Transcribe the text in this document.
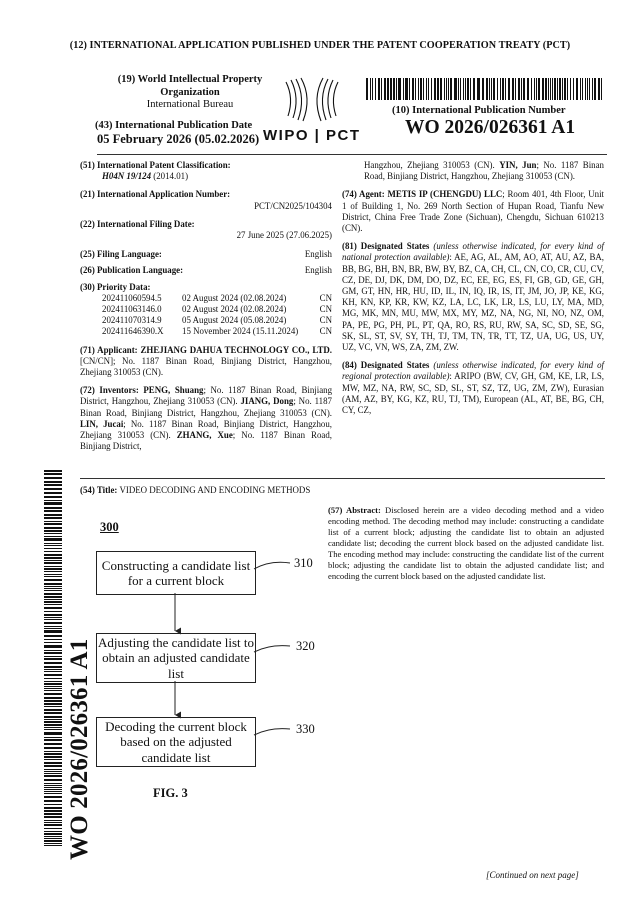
(12) INTERNATIONAL APPLICATION PUBLISHED UNDER THE PATENT COOPERATION TREATY (PCT)
(19) World Intellectual Property
Organization
International Bureau
(43) International Publication Date
05 February 2026 (05.02.2026) WIPO | PCT
(10) International Publication Number
WO 2026/026361 A1
(51) International Patent Classification:
H04N 19/124 (2014.01)
(21) International Application Number:
PCT/CN2025/104304
(22) International Filing Date:
27 June 2025 (27.06.2025)
(25) Filing Language:	English
(26) Publication Language:	English
(30) Priority Data:
202411060594.5	02 August 2024 (02.08.2024)	CN
202411063146.0	02 August 2024 (02.08.2024)	CN
202411070314.9	05 August 2024 (05.08.2024)	CN
202411646390.X	15 November 2024 (15.11.2024)	CN
(71) Applicant: ZHEJIANG DAHUA TECHNOLOGY CO., LTD. [CN/CN]; No. 1187 Binan Road, Binjiang District, Hangzhou, Zhejiang 310053 (CN).
(72) Inventors: PENG, Shuang; No. 1187 Binan Road, Binjiang District, Hangzhou, Zhejiang 310053 (CN). JIANG, Dong; No. 1187 Binan Road, Binjiang District, Hangzhou, Zhejiang 310053 (CN). LIN, Jucai; No. 1187 Binan Road, Binjiang District, Hangzhou, Zhejiang 310053 (CN). ZHANG, Xue; No. 1187 Binan Road, Binjiang District,
Hangzhou, Zhejiang 310053 (CN). YIN, Jun; No. 1187 Binan Road, Binjiang District, Hangzhou, Zhejiang 310053 (CN).
(74) Agent: METIS IP (CHENGDU) LLC; Room 401, 4th Floor, Unit 1 of Building 1, No. 269 North Section of Hupan Road, Tianfu New District, China Free Trade Zone (Sichuan), Chengdu, Sichuan 610213 (CN).
(81) Designated States (unless otherwise indicated, for every kind of national protection available): AE, AG, AL, AM, AO, AT, AU, AZ, BA, BB, BG, BH, BN, BR, BW, BY, BZ, CA, CH, CL, CN, CO, CR, CU, CV, CZ, DE, DJ, DK, DM, DO, DZ, EC, EE, EG, ES, FI, GB, GD, GE, GH, GM, GT, HN, HR, HU, ID, IL, IN, IQ, IR, IS, IT, JM, JO, JP, KE, KG, KH, KN, KP, KR, KW, KZ, LA, LC, LK, LR, LS, LU, LY, MA, MD, MG, MK, MN, MU, MW, MX, MY, MZ, NA, NG, NI, NO, NZ, OM, PA, PE, PG, PH, PL, PT, QA, RO, RS, RU, RW, SA, SC, SD, SE, SG, SK, SL, ST, SV, SY, TH, TJ, TM, TN, TR, TT, TZ, UA, UG, US, UY, UZ, VC, VN, WS, ZA, ZM, ZW.
(84) Designated States (unless otherwise indicated, for every kind of regional protection available): ARIPO (BW, CV, GH, GM, KE, LR, LS, MW, MZ, NA, RW, SC, SD, SL, ST, SZ, TZ, UG, ZM, ZW), Eurasian (AM, AZ, BY, KG, KZ, RU, TJ, TM), European (AL, AT, BE, BG, CH, CY, CZ,
(54) Title: VIDEO DECODING AND ENCODING METHODS
(57) Abstract: Disclosed herein are a video decoding method and a video encoding method. The decoding method may include: constructing a candidate list of a current block; adjusting the candidate list to obtain an adjusted candidate list; decoding the current block based on the adjusted candidate list. The encoding method may include: constructing the candidate list of the current block; adjusting the candidate list to obtain the adjusted candidate list; and encoding the current block based on the adjusted candidate list.
300
Constructing a candidate list for a current block
Adjusting the candidate list to obtain an adjusted candidate list
Decoding the current block based on the adjusted candidate list
310
320
330
FIG. 3
WO 2026/026361 A1
[Continued on next page]
